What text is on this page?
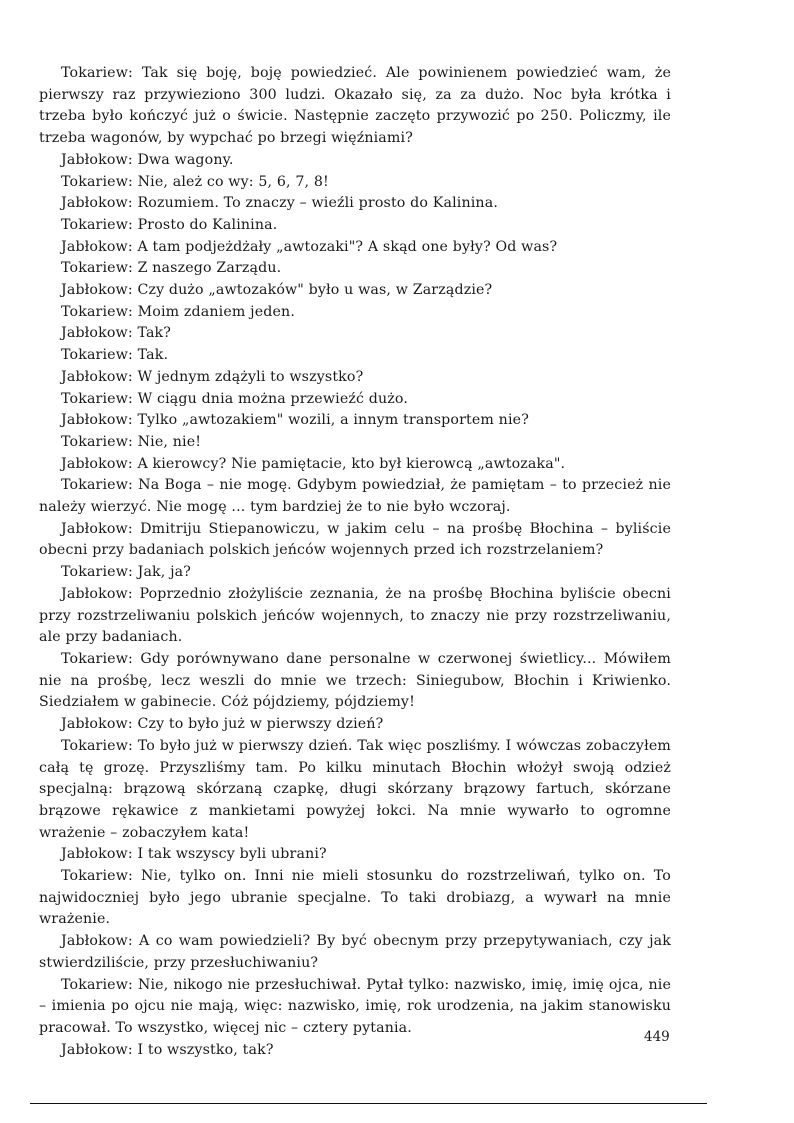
Tokariew: Tak się boję, boję powiedzieć. Ale powinienem powiedzieć wam, że pierwszy raz przywieziono 300 ludzi. Okazało się, za za dużo. Noc była krótka i trzeba było kończyć już o świcie. Następnie zaczęto przywozić po 250. Policzmy, ile trzeba wagonów, by wypchać po brzegi więźniami?

Jabłokow: Dwa wagony.

Tokariew: Nie, ależ co wy: 5, 6, 7, 8!

Jabłokow: Rozumiem. To znaczy – wieźli prosto do Kalinina.

Tokariew: Prosto do Kalinina.

Jabłokow: A tam podjeżdżały „awtozaki"? A skąd one były? Od was?

Tokariew: Z naszego Zarządu.

Jabłokow: Czy dużo „awtozaków" było u was, w Zarządzie?

Tokariew: Moim zdaniem jeden.

Jabłokow: Tak?

Tokariew: Tak.

Jabłokow: W jednym zdążyli to wszystko?

Tokariew: W ciągu dnia można przewieźć dużo.

Jabłokow: Tylko „awtozakiem" wozili, a innym transportem nie?

Tokariew: Nie, nie!

Jabłokow: A kierowcy? Nie pamiętacie, kto był kierowcą „awtozaka".

Tokariew: Na Boga – nie mogę. Gdybym powiedział, że pamiętam – to przecież nie należy wierzyć. Nie mogę ... tym bardziej że to nie było wczoraj.

Jabłokow: Dmitriju Stiepanowiczu, w jakim celu – na prośbę Błochina – byliście obecni przy badaniach polskich jeńców wojennych przed ich rozstrzelaniem?

Tokariew: Jak, ja?

Jabłokow: Poprzednio złożyliście zeznania, że na prośbę Błochina byliście obecni przy rozstrzeliwaniu polskich jeńców wojennych, to znaczy nie przy rozstrzeliwaniu, ale przy badaniach.

Tokariew: Gdy porównywano dane personalne w czerwonej świetlicy... Mówiłem nie na prośbę, lecz weszli do mnie we trzech: Siniegubow, Błochin i Kriwienko. Siedziałem w gabinecie. Cóż pójdziemy, pójdziemy!

Jabłokow: Czy to było już w pierwszy dzień?

Tokariew: To było już w pierwszy dzień. Tak więc poszliśmy. I wówczas zobaczyłem całą tę grozę. Przyszliśmy tam. Po kilku minutach Błochin włożył swoją odzież specjalną: brązową skórzaną czapkę, długi skórzany brązowy fartuch, skórzane brązowe rękawice z mankietami powyżej łokci. Na mnie wywarło to ogromne wrażenie – zobaczyłem kata!

Jabłokow: I tak wszyscy byli ubrani?

Tokariew: Nie, tylko on. Inni nie mieli stosunku do rozstrzeliwań, tylko on. To najwidoczniej było jego ubranie specjalne. To taki drobiazg, a wywarł na mnie wrażenie.

Jabłokow: A co wam powiedzieli? By być obecnym przy przepytywaniach, czy jak stwierdziliście, przy przesłuchiwaniu?

Tokariew: Nie, nikogo nie przesłuchiwał. Pytał tylko: nazwisko, imię, imię ojca, nie – imienia po ojcu nie mają, więc: nazwisko, imię, rok urodzenia, na jakim stanowisku pracował. To wszystko, więcej nic – cztery pytania.

Jabłokow: I to wszystko, tak?

449
